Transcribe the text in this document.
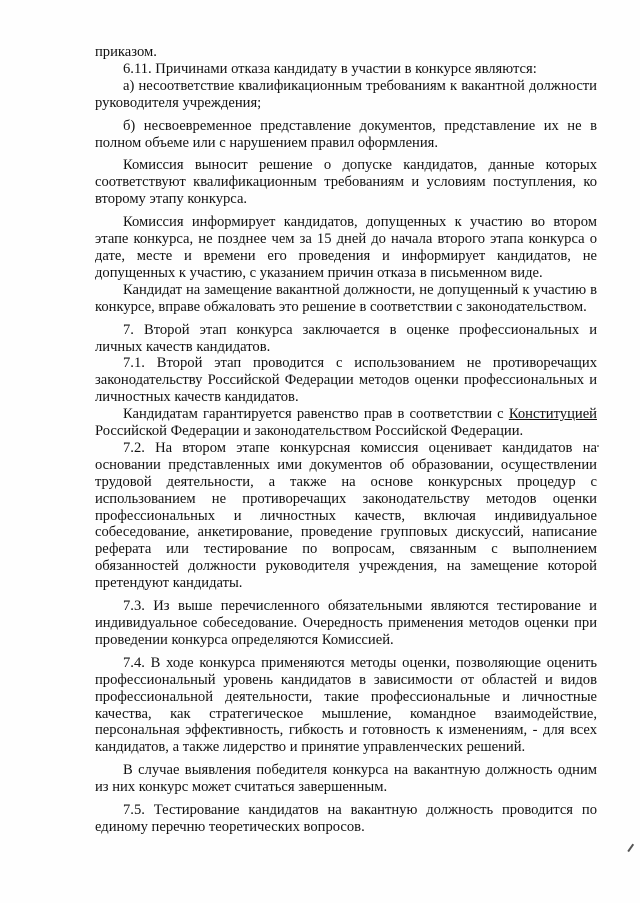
приказом.

6.11. Причинами отказа кандидату в участии в конкурсе являются:

а) несоответствие квалификационным требованиям к вакантной должности руководителя учреждения;

б) несвоевременное представление документов, представление их не в полном объеме или с нарушением правил оформления.

Комиссия выносит решение о допуске кандидатов, данные которых соответствуют квалификационным требованиям и условиям поступления, ко второму этапу конкурса.

Комиссия информирует кандидатов, допущенных к участию во втором этапе конкурса, не позднее чем за 15 дней до начала второго этапа конкурса о дате, месте и времени его проведения и информирует кандидатов, не допущенных к участию, с указанием причин отказа в письменном виде.

Кандидат на замещение вакантной должности, не допущенный к участию в конкурсе, вправе обжаловать это решение в соответствии с законодательством.

7. Второй этап конкурса заключается в оценке профессиональных и личных качеств кандидатов.

7.1. Второй этап проводится с использованием не противоречащих законодательству Российской Федерации методов оценки профессиональных и личностных качеств кандидатов.

Кандидатам гарантируется равенство прав в соответствии с Конституцией Российской Федерации и законодательством Российской Федерации.

7.2. На втором этапе конкурсная комиссия оценивает кандидатов на основании представленных ими документов об образовании, осуществлении трудовой деятельности, а также на основе конкурсных процедур с использованием не противоречащих законодательству методов оценки профессиональных и личностных качеств, включая индивидуальное собеседование, анкетирование, проведение групповых дискуссий, написание реферата или тестирование по вопросам, связанным с выполнением обязанностей должности руководителя учреждения, на замещение которой претендуют кандидаты.

7.3. Из выше перечисленного обязательными являются тестирование и индивидуальное собеседование. Очередность применения методов оценки при проведении конкурса определяются Комиссией.

7.4. В ходе конкурса применяются методы оценки, позволяющие оценить профессиональный уровень кандидатов в зависимости от областей и видов профессиональной деятельности, такие профессиональные и личностные качества, как стратегическое мышление, командное взаимодействие, персональная эффективность, гибкость и готовность к изменениям, - для всех кандидатов, а также лидерство и принятие управленческих решений.

В случае выявления победителя конкурса на вакантную должность одним из них конкурс может считаться завершенным.

7.5. Тестирование кандидатов на вакантную должность проводится по единому перечню теоретических вопросов.
